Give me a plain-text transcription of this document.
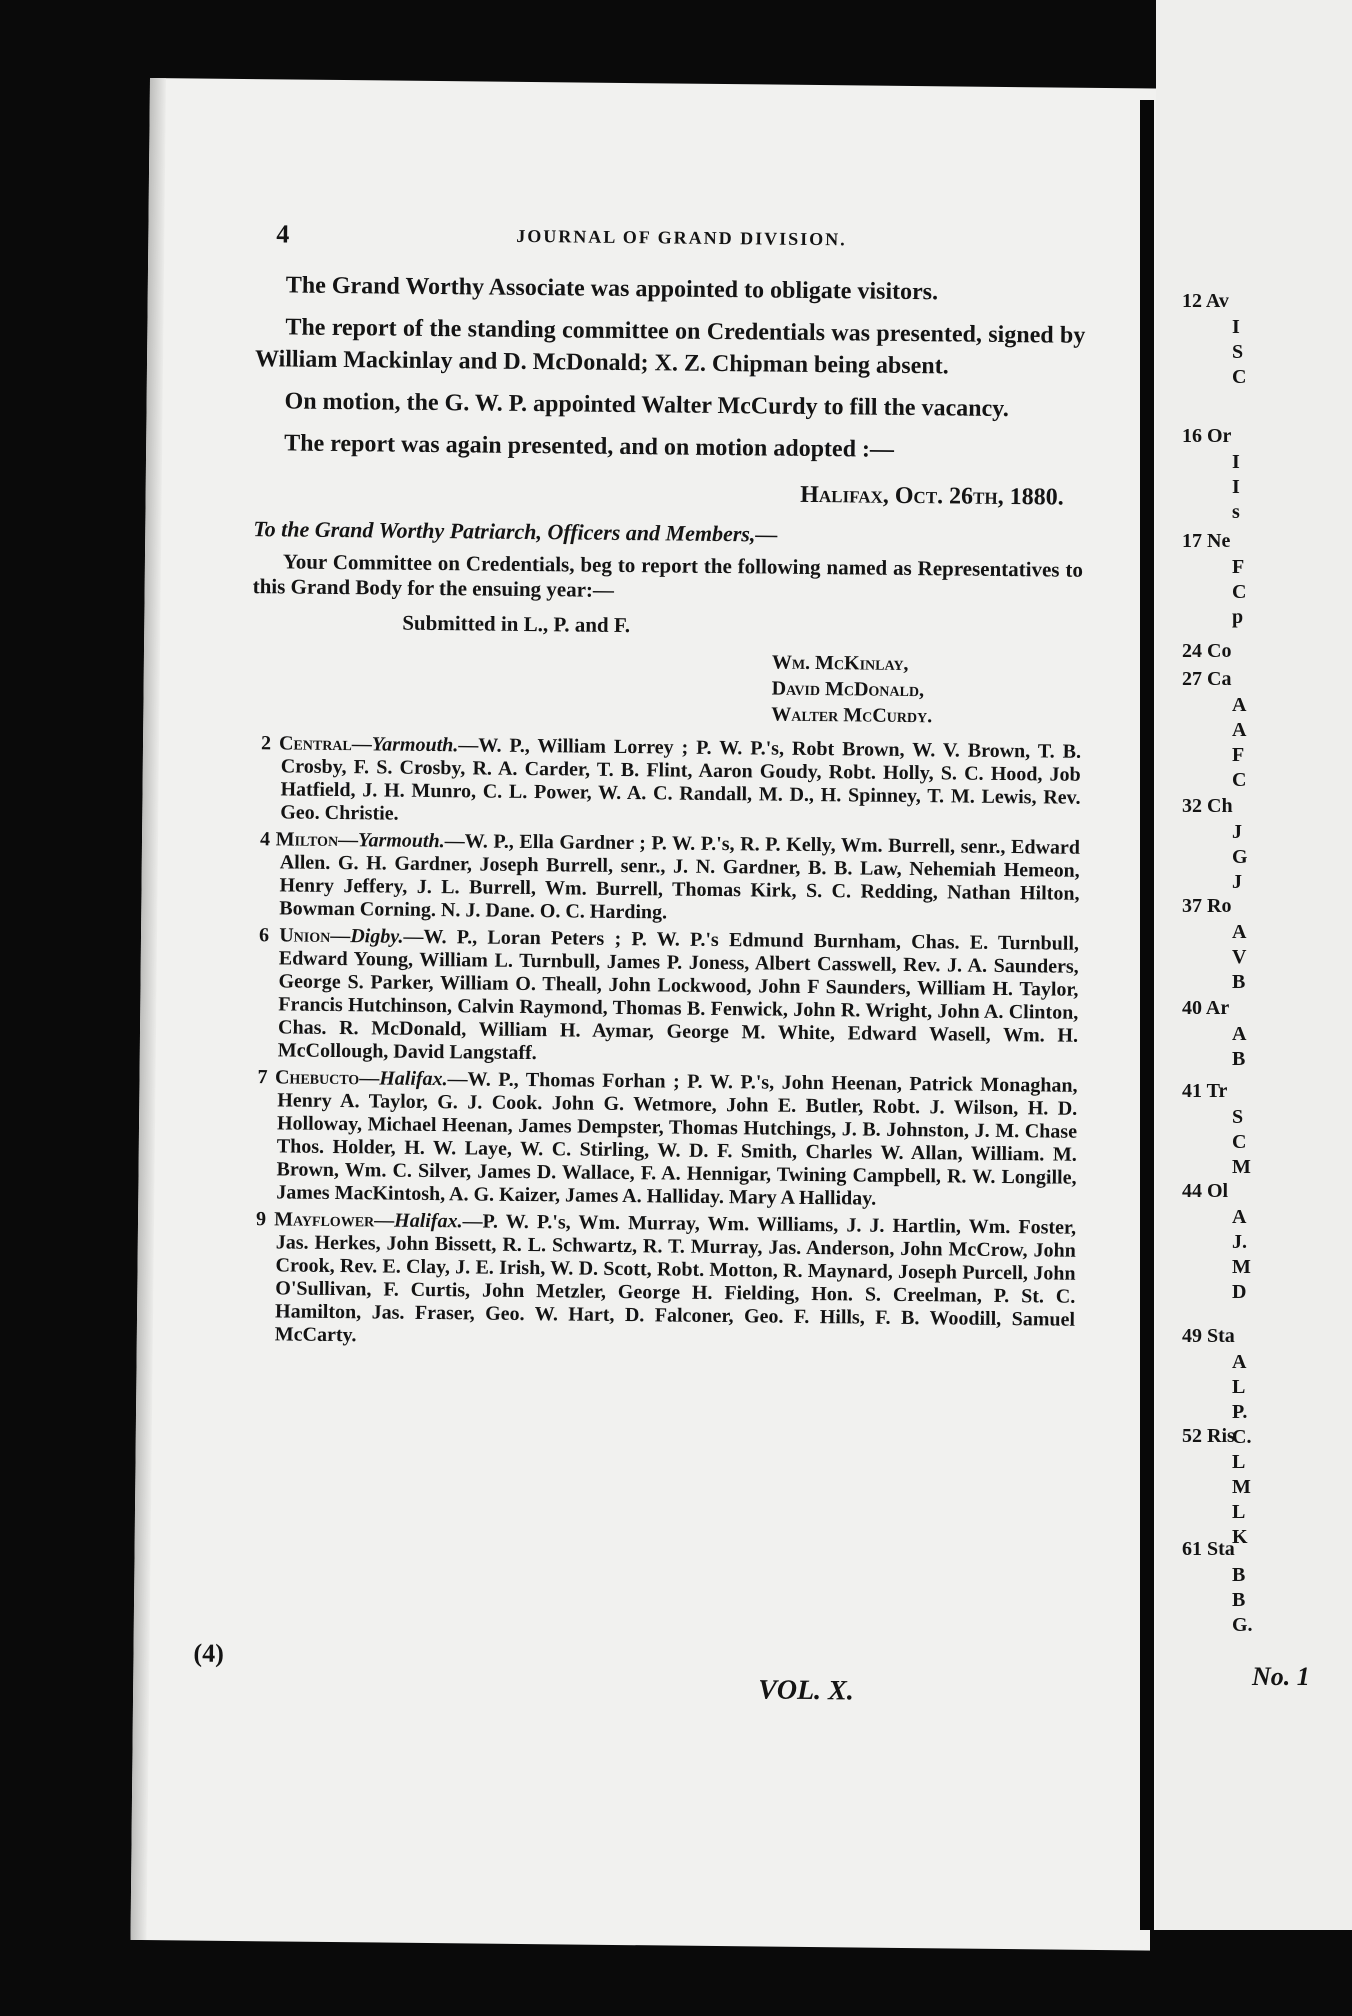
4	JOURNAL OF GRAND DIVISION.

The Grand Worthy Associate was appointed to obligate visitors.

The report of the standing committee on Credentials was presented, signed by William Mackinlay and D. McDonald; X. Z. Chipman being absent.

On motion, the G. W. P. appointed Walter McCurdy to fill the vacancy.

The report was again presented, and on motion adopted :—

Halifax, Oct. 26th, 1880.
To the Grand Worthy Patriarch, Officers and Members,—

Your Committee on Credentials, beg to report the following named as Representatives to this Grand Body for the ensuing year:—

Submitted in L., P. and F.
Wm. McKinlay,
David McDonald,
Walter McCurdy.

2 Central—Yarmouth.—W. P., William Lorrey ; P. W. P.'s, Robt Brown, W. V. Brown, T. B. Crosby, F. S. Crosby, R. A. Carder, T. B. Flint, Aaron Goudy, Robt. Holly, S. C. Hood, Job Hatfield, J. H. Munro, C. L. Power, W. A. C. Randall, M. D., H. Spinney, T. M. Lewis, Rev. Geo. Christie.

4 Milton—Yarmouth.—W. P., Ella Gardner ; P. W. P.'s, R. P. Kelly, Wm. Burrell, senr., Edward Allen. G. H. Gardner, Joseph Burrell, senr., J. N. Gardner, B. B. Law, Nehemiah Hemeon, Henry Jeffery, J. L. Burrell, Wm. Burrell, Thomas Kirk, S. C. Redding, Nathan Hilton, Bowman Corning. N. J. Dane. O. C. Harding.

6 Union—Digby.—W. P., Loran Peters ; P. W. P.'s Edmund Burnham, Chas. E. Turnbull, Edward Young, William L. Turnbull, James P. Joness, Albert Casswell, Rev. J. A. Saunders, George S. Parker, William O. Theall, John Lockwood, John F Saunders, William H. Taylor, Francis Hutchinson, Calvin Raymond, Thomas B. Fenwick, John R. Wright, John A. Clinton, Chas. R. McDonald, William H. Aymar, George M. White, Edward Wasell, Wm. H. McCollough, David Langstaff.

7 Chebucto—Halifax.—W. P., Thomas Forhan ; P. W. P.'s, John Heenan, Patrick Monaghan, Henry A. Taylor, G. J. Cook. John G. Wetmore, John E. Butler, Robt. J. Wilson, H. D. Holloway, Michael Heenan, James Dempster, Thomas Hutchings, J. B. Johnston, J. M. Chase Thos. Holder, H. W. Laye, W. C. Stirling, W. D. F. Smith, Charles W. Allan, William. M. Brown, Wm. C. Silver, James D. Wallace, F. A. Hennigar, Twining Campbell, R. W. Longille, James MacKintosh, A. G. Kaizer, James A. Halliday. Mary A Halliday.

9 Mayflower—Halifax.—P. W. P.'s, Wm. Murray, Wm. Williams, J. J. Hartlin, Wm. Foster, Jas. Herkes, John Bissett, R. L. Schwartz, R. T. Murray, Jas. Anderson, John McCrow, John Crook, Rev. E. Clay, J. E. Irish, W. D. Scott, Robt. Motton, R. Maynard, Joseph Purcell, John O'Sullivan, F. Curtis, John Metzler, George H. Fielding, Hon. S. Creelman, P. St. C. Hamilton, Jas. Fraser, Geo. W. Hart, D. Falconer, Geo. F. Hills, F. B. Woodill, Samuel McCarty.

(4)
VOL. X.
12 Av
I
S
C
16 Or
I
I
s
17 Ne
F
C
p
24 Co
27 Ca
A
A
F
C
32 Ch
J
G
J
37 Ro
A
V
B
40 Ar
A
B
41 Tr
S
C
M
44 Ol
A
J.
M
D
49 Sta
A
L
P.
C.
52 Ris
L
M
L
K
61 Sta
B
B
G.
No. 1
